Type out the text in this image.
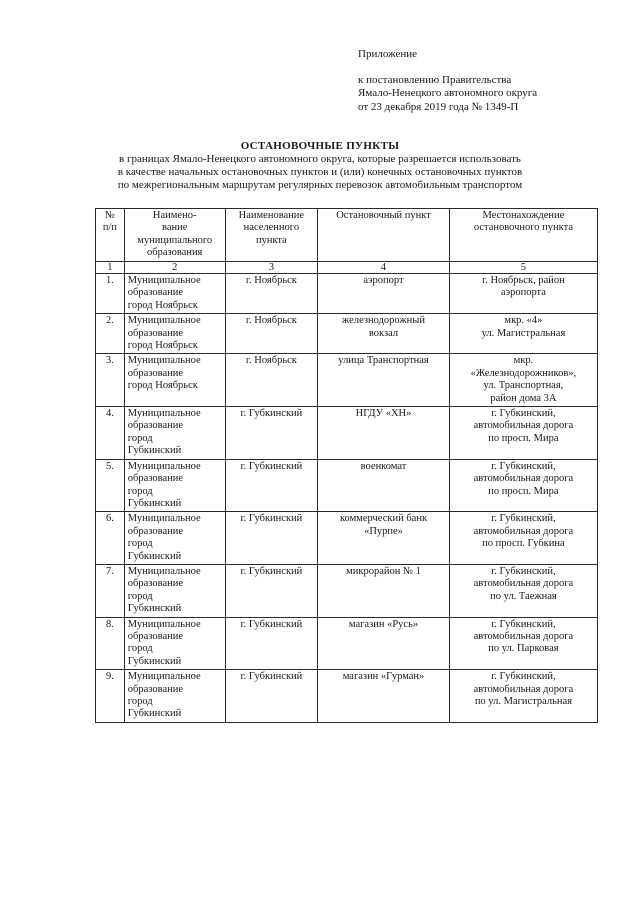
Приложение
к постановлению Правительства
Ямало-Ненецкого автономного округа
от 23 декабря 2019 года № 1349-П
ОСТАНОВОЧНЫЕ ПУНКТЫ
в границах Ямало-Ненецкого автономного округа, которые разрешается использовать
в качестве начальных остановочных пунктов и (или) конечных остановочных пунктов
по межрегиональным маршрутам регулярных перевозок автомобильным транспортом
№
п/п	Наимено-
вание
муниципального
образования	Наименование
населенного
пункта	Остановочный пункт	Местонахождение
остановочного пункта
1	2	3	4	5
1.	Муниципальное
образование
город Ноябрьск	г. Ноябрьск	аэропорт	г. Ноябрьск, район
аэропорта
2.	Муниципальное
образование
город Ноябрьск	г. Ноябрьск	железнодорожный
вокзал	мкр. «4»
ул. Магистральная
3.	Муниципальное
образование
город Ноябрьск	г. Ноябрьск	улица Транспортная	мкр.
«Железнодорожников»,
ул. Транспортная,
район дома 3А
4.	Муниципальное
образование
город
Губкинский	г. Губкинский	НГДУ «ХН»	г. Губкинский,
автомобильная дорога
по просп. Мира
5.	Муниципальное
образование
город
Губкинский	г. Губкинский	военкомат	г. Губкинский,
автомобильная дорога
по просп. Мира
6.	Муниципальное
образование
город
Губкинский	г. Губкинский	коммерческий банк
«Пурпе»	г. Губкинский,
автомобильная дорога
по просп. Губкина
7.	Муниципальное
образование
город
Губкинский	г. Губкинский	микрорайон № 1	г. Губкинский,
автомобильная дорога
по ул. Таежная
8.	Муниципальное
образование
город
Губкинский	г. Губкинский	магазин «Русь»	г. Губкинский,
автомобильная дорога
по ул. Парковая
9.	Муниципальное
образование
город
Губкинский	г. Губкинский	магазин «Гурман»	г. Губкинский,
автомобильная дорога
по ул. Магистральная
